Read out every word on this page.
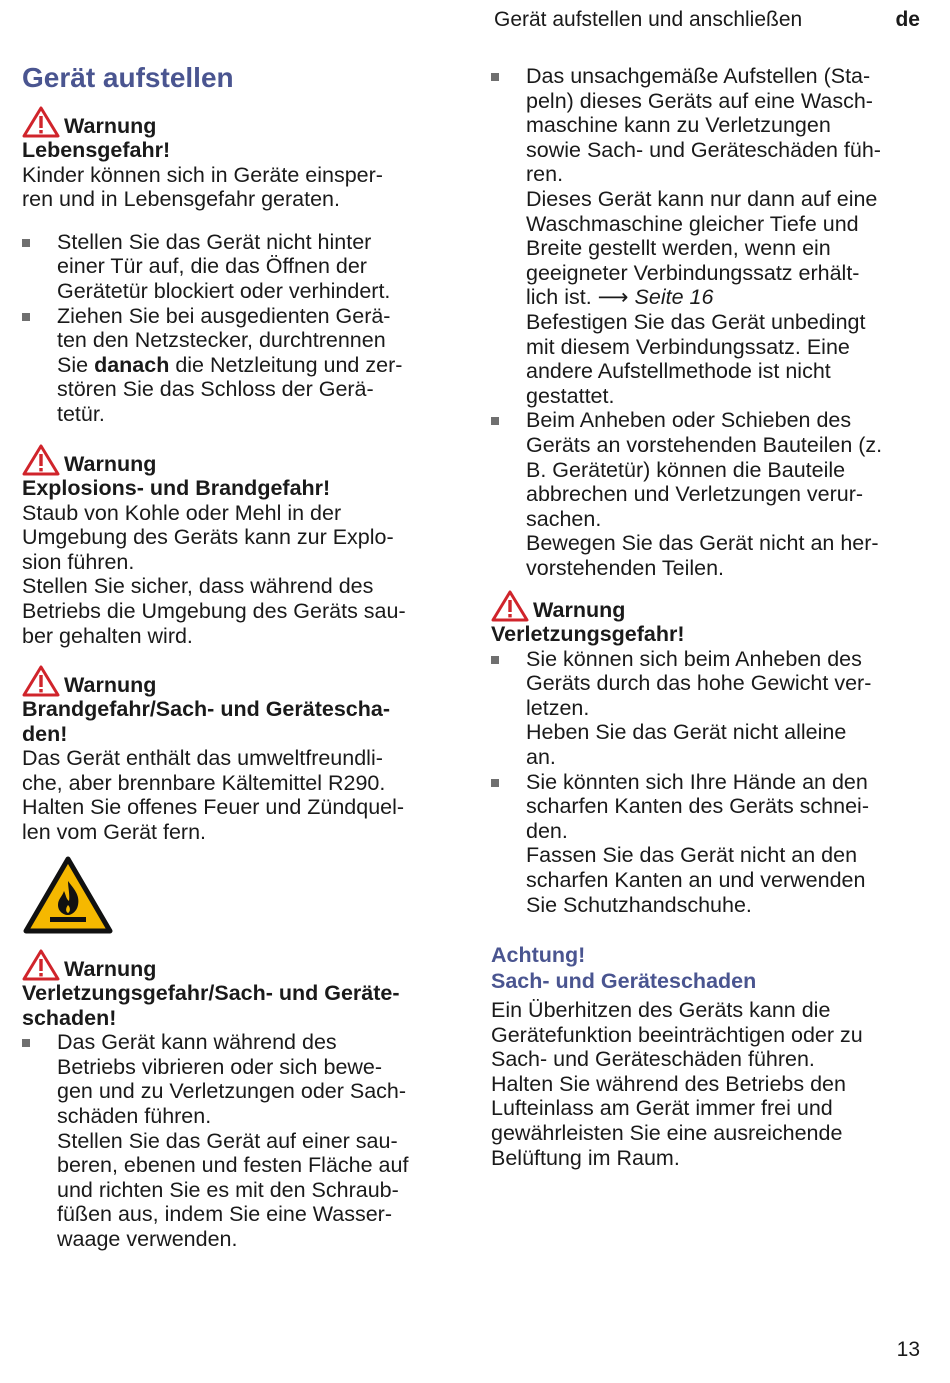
Gerät aufstellen und anschließen	de
Gerät aufstellen
Warnung
Lebensgefahr!

Kinder können sich in Geräte einsper-
ren und in Lebensgefahr geraten.

Stellen Sie das Gerät nicht hinter
einer Tür auf, die das Öffnen der
Gerätetür blockiert oder verhindert.

Ziehen Sie bei ausgedienten Gerä-
ten den Netzstecker, durchtrennen
Sie danach die Netzleitung und zer-
stören Sie das Schloss der Gerä-
tetür.

Warnung
Explosions- und Brandgefahr!

Staub von Kohle oder Mehl in der
Umgebung des Geräts kann zur Explo-
sion führen.
Stellen Sie sicher, dass während des
Betriebs die Umgebung des Geräts sau-
ber gehalten wird.

Warnung
Brandgefahr/Sach- und Gerätescha-
den!

Das Gerät enthält das umweltfreundli-
che, aber brennbare Kältemittel R290.
Halten Sie offenes Feuer und Zündquel-
len vom Gerät fern.

Warnung
Verletzungsgefahr/Sach- und Geräte-
schaden!

Das Gerät kann während des
Betriebs vibrieren oder sich bewe-
gen und zu Verletzungen oder Sach-
schäden führen.
Stellen Sie das Gerät auf einer sau-
beren, ebenen und festen Fläche auf
und richten Sie es mit den Schraub-
füßen aus, indem Sie eine Wasser-
waage verwenden.

Das unsachgemäße Aufstellen (Sta-
peln) dieses Geräts auf eine Wasch-
maschine kann zu Verletzungen
sowie Sach- und Geräteschäden füh-
ren.
Dieses Gerät kann nur dann auf eine
Waschmaschine gleicher Tiefe und
Breite gestellt werden, wenn ein
geeigneter Verbindungssatz erhält-
lich ist. ⟶ Seite 16
Befestigen Sie das Gerät unbedingt
mit diesem Verbindungssatz. Eine
andere Aufstellmethode ist nicht
gestattet.

Beim Anheben oder Schieben des
Geräts an vorstehenden Bauteilen (z.
B. Gerätetür) können die Bauteile
abbrechen und Verletzungen verur-
sachen.
Bewegen Sie das Gerät nicht an her-
vorstehenden Teilen.

Warnung
Verletzungsgefahr!

Sie können sich beim Anheben des
Geräts durch das hohe Gewicht ver-
letzen.
Heben Sie das Gerät nicht alleine
an.

Sie könnten sich Ihre Hände an den
scharfen Kanten des Geräts schnei-
den.
Fassen Sie das Gerät nicht an den
scharfen Kanten an und verwenden
Sie Schutzhandschuhe.

Achtung!
Sach- und Geräteschaden

Ein Überhitzen des Geräts kann die
Gerätefunktion beeinträchtigen oder zu
Sach- und Geräteschäden führen.
Halten Sie während des Betriebs den
Lufteinlass am Gerät immer frei und
gewährleisten Sie eine ausreichende
Belüftung im Raum.

13
